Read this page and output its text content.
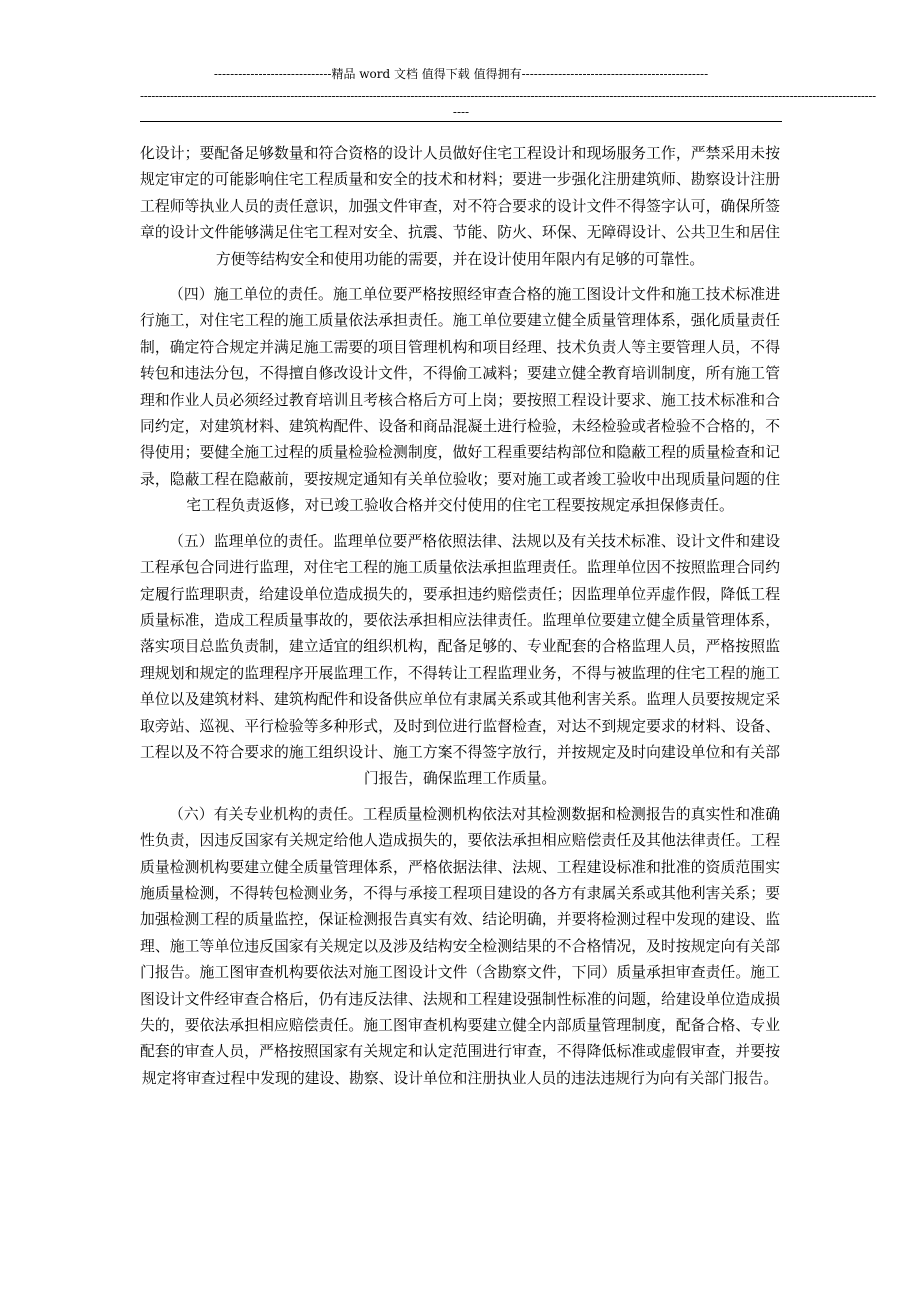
-----------------------------精品 word 文档 值得下载 值得拥有----------------------------------------------
----------------------------------------------------------------------------------------------------------------------------------------------------------------------------------------------------
----

化设计；要配备足够数量和符合资格的设计人员做好住宅工程设计和现场服务工作，严禁采用未按规定审定的可能影响住宅工程质量和安全的技术和材料；要进一步强化注册建筑师、勘察设计注册工程师等执业人员的责任意识，加强文件审查，对不符合要求的设计文件不得签字认可，确保所签章的设计文件能够满足住宅工程对安全、抗震、节能、防火、环保、无障碍设计、公共卫生和居住方便等结构安全和使用功能的需要，并在设计使用年限内有足够的可靠性。

（四）施工单位的责任。施工单位要严格按照经审查合格的施工图设计文件和施工技术标准进行施工，对住宅工程的施工质量依法承担责任。施工单位要建立健全质量管理体系，强化质量责任制，确定符合规定并满足施工需要的项目管理机构和项目经理、技术负责人等主要管理人员，不得转包和违法分包，不得擅自修改设计文件，不得偷工减料；要建立健全教育培训制度，所有施工管理和作业人员必须经过教育培训且考核合格后方可上岗；要按照工程设计要求、施工技术标准和合同约定，对建筑材料、建筑构配件、设备和商品混凝土进行检验，未经检验或者检验不合格的，不得使用；要健全施工过程的质量检验检测制度，做好工程重要结构部位和隐蔽工程的质量检查和记录，隐蔽工程在隐蔽前，要按规定通知有关单位验收；要对施工或者竣工验收中出现质量问题的住宅工程负责返修，对已竣工验收合格并交付使用的住宅工程要按规定承担保修责任。

（五）监理单位的责任。监理单位要严格依照法律、法规以及有关技术标准、设计文件和建设工程承包合同进行监理，对住宅工程的施工质量依法承担监理责任。监理单位因不按照监理合同约定履行监理职责，给建设单位造成损失的，要承担违约赔偿责任；因监理单位弄虚作假，降低工程质量标准，造成工程质量事故的，要依法承担相应法律责任。监理单位要建立健全质量管理体系，落实项目总监负责制，建立适宜的组织机构，配备足够的、专业配套的合格监理人员，严格按照监理规划和规定的监理程序开展监理工作，不得转让工程监理业务，不得与被监理的住宅工程的施工单位以及建筑材料、建筑构配件和设备供应单位有隶属关系或其他利害关系。监理人员要按规定采取旁站、巡视、平行检验等多种形式，及时到位进行监督检查，对达不到规定要求的材料、设备、工程以及不符合要求的施工组织设计、施工方案不得签字放行，并按规定及时向建设单位和有关部门报告，确保监理工作质量。

（六）有关专业机构的责任。工程质量检测机构依法对其检测数据和检测报告的真实性和准确性负责，因违反国家有关规定给他人造成损失的，要依法承担相应赔偿责任及其他法律责任。工程质量检测机构要建立健全质量管理体系，严格依据法律、法规、工程建设标准和批准的资质范围实施质量检测，不得转包检测业务，不得与承接工程项目建设的各方有隶属关系或其他利害关系；要加强检测工程的质量监控，保证检测报告真实有效、结论明确，并要将检测过程中发现的建设、监理、施工等单位违反国家有关规定以及涉及结构安全检测结果的不合格情况，及时按规定向有关部门报告。施工图审查机构要依法对施工图设计文件（含勘察文件，下同）质量承担审查责任。施工图设计文件经审查合格后，仍有违反法律、法规和工程建设强制性标准的问题，给建设单位造成损失的，要依法承担相应赔偿责任。施工图审查机构要建立健全内部质量管理制度，配备合格、专业配套的审查人员，严格按照国家有关规定和认定范围进行审查，不得降低标准或虚假审查，并要按规定将审查过程中发现的建设、勘察、设计单位和注册执业人员的违法违规行为向有关部门报告。
